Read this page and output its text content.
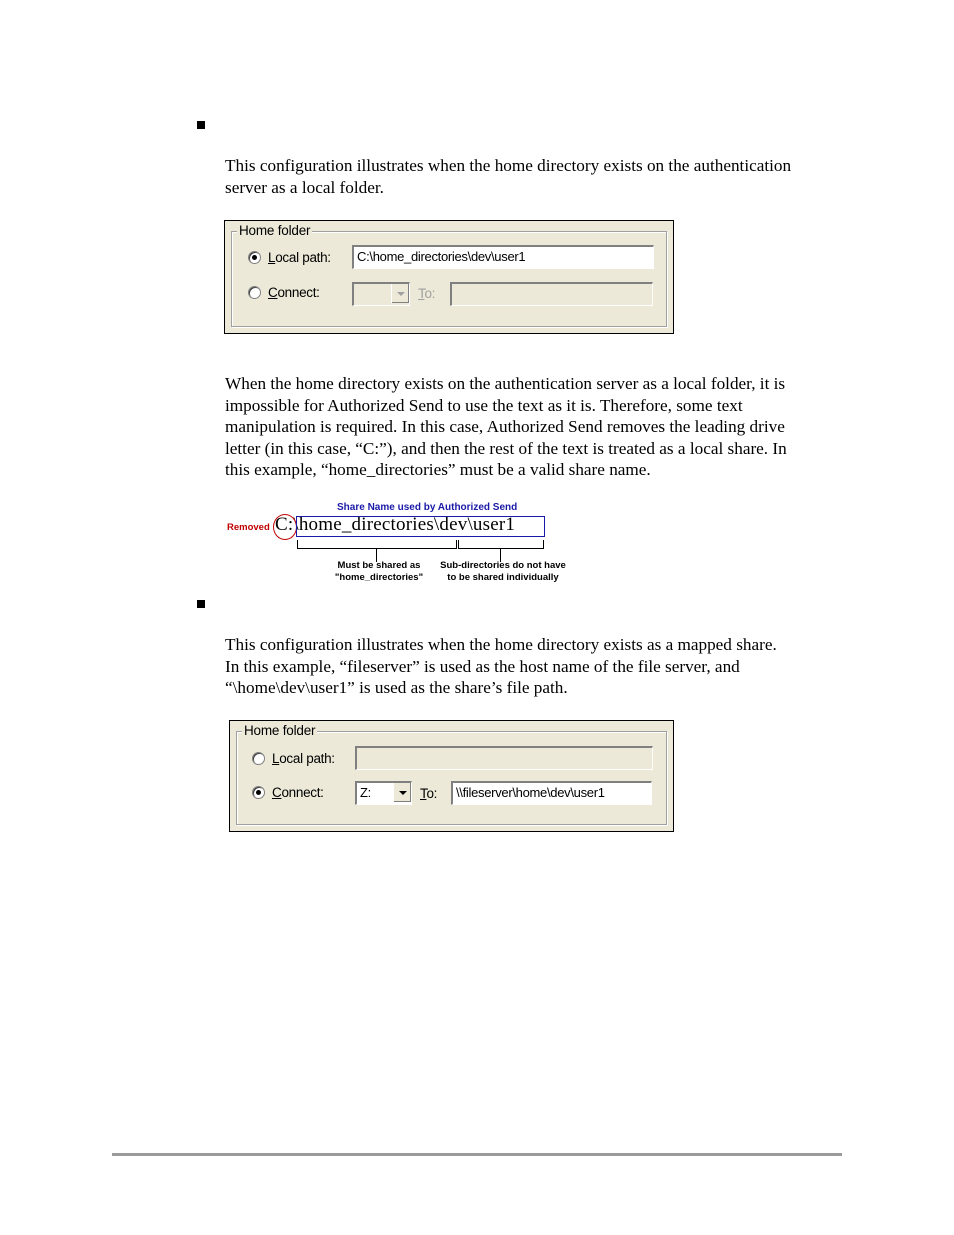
This configuration illustrates when the home directory exists on the authentication
server as a local folder.
Home folder
Local path:	C:\home_directories\dev\user1
Connect:	To:
When the home directory exists on the authentication server as a local folder, it is
impossible for Authorized Send to use the text as it is. Therefore, some text
manipulation is required. In this case, Authorized Send removes the leading drive
letter (in this case, “C:”), and then the rest of the text is treated as a local share. In
this example, “home_directories” must be a valid share name.
Share Name used by Authorized Send
Removed C:\home_directories\dev\user1
Must be shared as
"home_directories"
Sub-directories do not have
to be shared individually
This configuration illustrates when the home directory exists as a mapped share.
In this example, “fileserver” is used as the host name of the file server, and
“\home\dev\user1” is used as the share’s file path.
Home folder
Local path:
Connect:	Z:	To:	\\fileserver\home\dev\user1
